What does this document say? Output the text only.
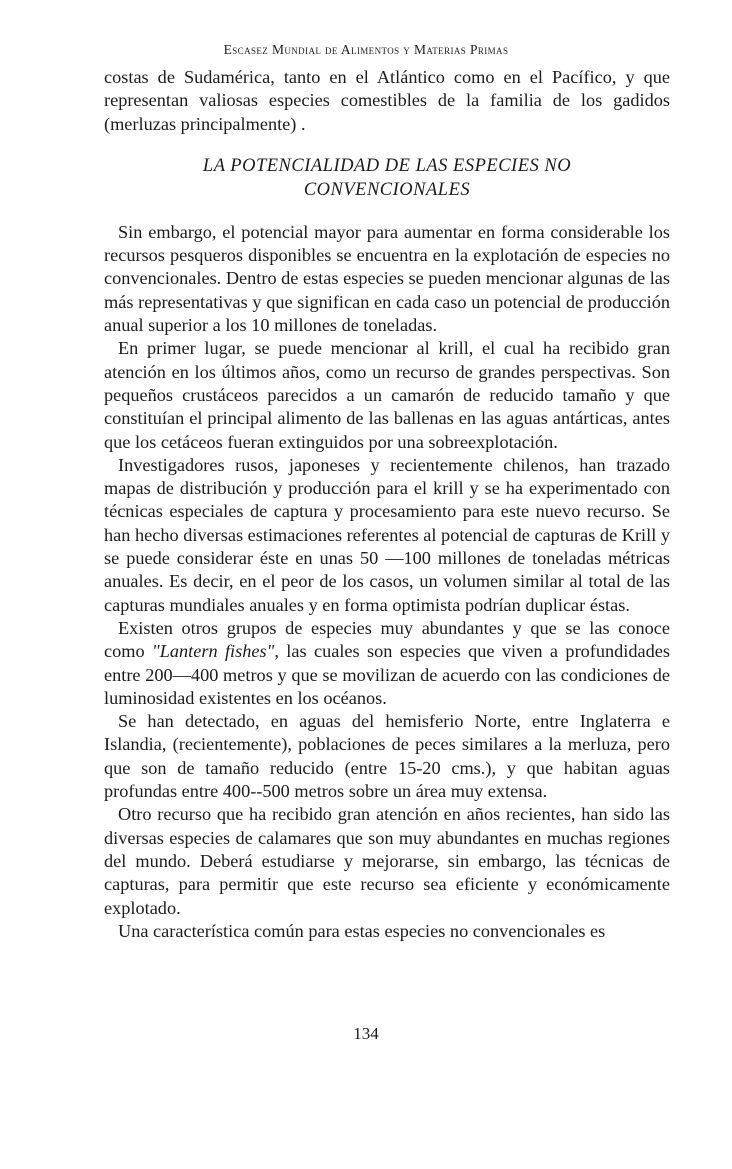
Escasez Mundial de Alimentos y Materias Primas

costas de Sudamérica, tanto en el Atlántico como en el Pacífico, y que representan valiosas especies comestibles de la familia de los gadidos (merluzas principalmente) .

LA POTENCIALIDAD DE LAS ESPECIES NO
CONVENCIONALES

Sin embargo, el potencial mayor para aumentar en forma considerable los recursos pesqueros disponibles se encuentra en la explotación de especies no convencionales. Dentro de estas especies se pueden mencionar algunas de las más representativas y que significan en cada caso un potencial de producción anual superior a los 10 millones de toneladas.

En primer lugar, se puede mencionar al krill, el cual ha recibido gran atención en los últimos años, como un recurso de grandes perspectivas. Son pequeños crustáceos parecidos a un camarón de reducido tamaño y que constituían el principal alimento de las ballenas en las aguas antárticas, antes que los cetáceos fueran extinguidos por una sobreexplotación.

Investigadores rusos, japoneses y recientemente chilenos, han trazado mapas de distribución y producción para el krill y se ha experimentado con técnicas especiales de captura y procesamiento para este nuevo recurso. Se han hecho diversas estimaciones referentes al potencial de capturas de Krill y se puede considerar éste en unas 50 —100 millones de toneladas métricas anuales. Es decir, en el peor de los casos, un volumen similar al total de las capturas mundiales anuales y en forma optimista podrían duplicar éstas.

Existen otros grupos de especies muy abundantes y que se las conoce como "Lantern fishes", las cuales son especies que viven a profundidades entre 200—400 metros y que se movilizan de acuerdo con las condiciones de luminosidad existentes en los océanos.

Se han detectado, en aguas del hemisferio Norte, entre Inglaterra e Islandia, (recientemente), poblaciones de peces similares a la merluza, pero que son de tamaño reducido (entre 15-20 cms.), y que habitan aguas profundas entre 400--500 metros sobre un área muy extensa.

Otro recurso que ha recibido gran atención en años recientes, han sido las diversas especies de calamares que son muy abundantes en muchas regiones del mundo. Deberá estudiarse y mejorarse, sin embargo, las técnicas de capturas, para permitir que este recurso sea eficiente y económicamente explotado.

Una característica común para estas especies no convencionales es

134
